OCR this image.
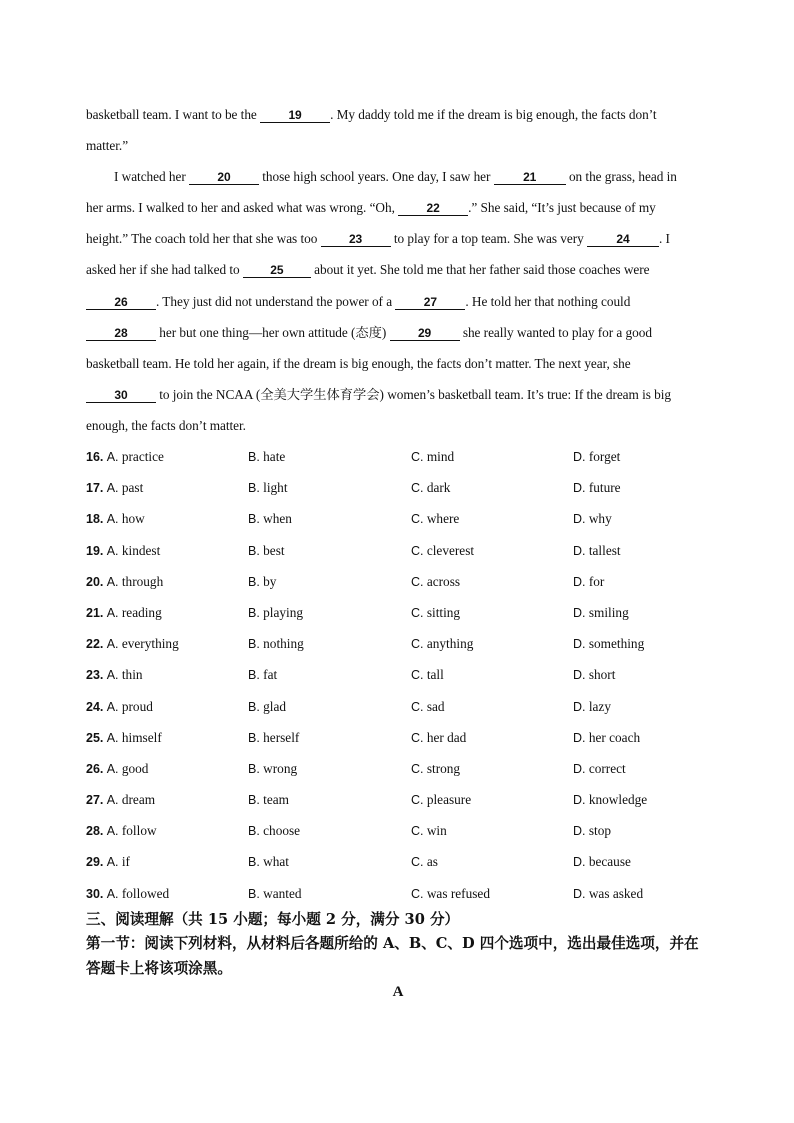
basketball team. I want to be the 19 . My daddy told me if the dream is big enough, the facts don’t
matter.”
I watched her 20 those high school years. One day, I saw her 21 on the grass, head in
her arms. I walked to her and asked what was wrong. “Oh, 22 .” She said, “It’s just because of my
height.” The coach told her that she was too 23 to play for a top team. She was very 24 . I
asked her if she had talked to 25 about it yet. She told me that her father said those coaches were
26 . They just did not understand the power of a 27 . He told her that nothing could
28 her but one thing—her own attitude (态度) 29 she really wanted to play for a good
basketball team. He told her again, if the dream is big enough, the facts don’t matter. The next year, she
30 to join the NCAA (全美大学生体育学会) women’s basketball team. It’s true: If the dream is big
enough, the facts don’t matter.
16. A. practice	B. hate	C. mind	D. forget
17. A. past	B. light	C. dark	D. future
18. A. how	B. when	C. where	D. why
19. A. kindest	B. best	C. cleverest	D. tallest
20. A. through	B. by	C. across	D. for
21. A. reading	B. playing	C. sitting	D. smiling
22. A. everything	B. nothing	C. anything	D. something
23. A. thin	B. fat	C. tall	D. short
24. A. proud	B. glad	C. sad	D. lazy
25. A. himself	B. herself	C. her dad	D. her coach
26. A. good	B. wrong	C. strong	D. correct
27. A. dream	B. team	C. pleasure	D. knowledge
28. A. follow	B. choose	C. win	D. stop
29. A. if	B. what	C. as	D. because
30. A. followed	B. wanted	C. was refused	D. was asked
三、阅读理解（共 15 小题；每小题 2 分，满分 30 分）
第一节：阅读下列材料，从材料后各题所给的 A、B、C、D 四个选项中，选出最佳选项，并在答题卡上将该项涂黑。
A
